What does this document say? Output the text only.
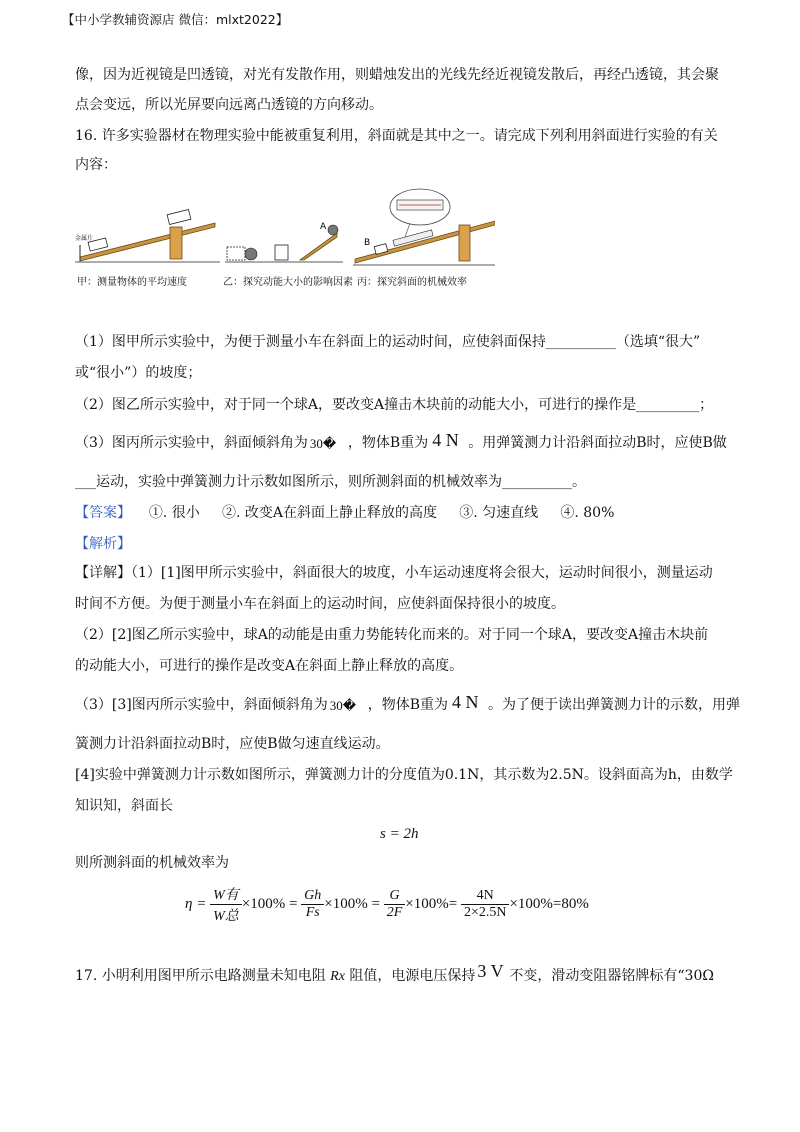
【中小学教辅资源店 微信：mlxt2022】
像，因为近视镜是凹透镜，对光有发散作用，则蜡烛发出的光线先经近视镜发散后，再经凸透镜，其会聚
点会变远，所以光屏要向远离凸透镜的方向移动。
16. 许多实验器材在物理实验中能被重复利用，斜面就是其中之一。请完成下列利用斜面进行实验的有关
内容：
金属片
A
B
甲：测量物体的平均速度	乙：探究动能大小的影响因素 丙：探究斜面的机械效率
（1）图甲所示实验中，为便于测量小车在斜面上的运动时间，应使斜面保持__________（选填“很大”
或“很小”）的坡度；
（2）图乙所示实验中，对于同一个球A，要改变A撞击木块前的动能大小，可进行的操作是_________；
（3）图丙所示实验中，斜面倾斜角为 30� ，物体B重为 4 N 。用弹簧测力计沿斜面拉动B时，应使B做
___运动，实验中弹簧测力计示数如图所示，则所测斜面的机械效率为__________。
【答案】 ①. 很小     ②. 改变A在斜面上静止释放的高度     ③. 匀速直线     ④. 80%
【解析】
【详解】（1）[1]图甲所示实验中，斜面很大的坡度，小车运动速度将会很大，运动时间很小，测量运动
时间不方便。为便于测量小车在斜面上的运动时间，应使斜面保持很小的坡度。
（2）[2]图乙所示实验中，球A的动能是由重力势能转化而来的。对于同一个球A，要改变A撞击木块前
的动能大小，可进行的操作是改变A在斜面上静止释放的高度。
（3）[3]图丙所示实验中，斜面倾斜角为 30� ，物体B重为 4 N 。为了便于读出弹簧测力计的示数，用弹
簧测力计沿斜面拉动B时，应使B做匀速直线运动。
[4]实验中弹簧测力计示数如图所示，弹簧测力计的分度值为0.1N，其示数为2.5N。设斜面高为h，由数学
知识知，斜面长
s = 2h
则所测斜面的机械效率为
$\eta = \frac{\text{W有}}{\text{W总}} \times 100\% = \frac{Gh}{Fs} \times 100\% = \frac{G}{2F} \times 100\%= \frac{4N}{2\times 2.5N} \times 100\%=80\%$
17. 小明利用图甲所示电路测量未知电阻 Rx 阻值，电源电压保持 3 V 不变，滑动变阻器铭牌标有“30Ω
